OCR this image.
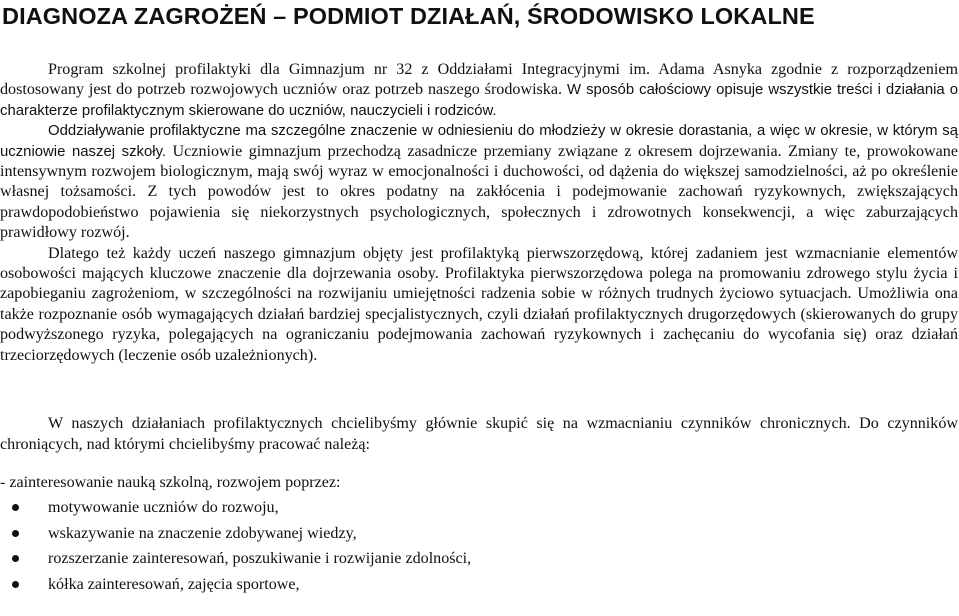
DIAGNOZA ZAGROŻEŃ – PODMIOT DZIAŁAŃ, ŚRODOWISKO LOKALNE

Program szkolnej profilaktyki dla Gimnazjum nr 32 z Oddziałami Integracyjnymi im. Adama Asnyka zgodnie z rozporządzeniem dostosowany jest do potrzeb rozwojowych uczniów oraz potrzeb naszego środowiska. W sposób całościowy opisuje wszystkie treści i działania o charakterze profilaktycznym skierowane do uczniów, nauczycieli i rodziców.

Oddziaływanie profilaktyczne ma szczególne znaczenie w odniesieniu do młodzieży w okresie dorastania, a więc w okresie, w którym są uczniowie naszej szkoły. Uczniowie gimnazjum przechodzą zasadnicze przemiany związane z okresem dojrzewania. Zmiany te, prowokowane intensywnym rozwojem biologicznym, mają swój wyraz w emocjonalności i duchowości, od dążenia do większej samodzielności, aż po określenie własnej tożsamości. Z tych powodów jest to okres podatny na zakłócenia i podejmowanie zachowań ryzykownych, zwiększających prawdopodobieństwo pojawienia się niekorzystnych psychologicznych, społecznych i zdrowotnych konsekwencji, a więc zaburzających prawidłowy rozwój.

Dlatego też każdy uczeń naszego gimnazjum objęty jest profilaktyką pierwszorzędową, której zadaniem jest wzmacnianie elementów osobowości mających kluczowe znaczenie dla dojrzewania osoby. Profilaktyka pierwszorzędowa polega na promowaniu zdrowego stylu życia i zapobieganiu zagrożeniom, w szczególności na rozwijaniu umiejętności radzenia sobie w różnych trudnych życiowo sytuacjach. Umożliwia ona także rozpoznanie osób wymagających działań bardziej specjalistycznych, czyli działań profilaktycznych drugorzędowych (skierowanych do grupy podwyższonego ryzyka, polegających na ograniczaniu podejmowania zachowań ryzykownych i zachęcaniu do wycofania się) oraz działań trzeciorzędowych (leczenie osób uzależnionych).

W naszych działaniach profilaktycznych chcielibyśmy głównie skupić się na wzmacnianiu czynników chronicznych. Do czynników chroniących, nad którymi chcielibyśmy pracować należą:

- zainteresowanie nauką szkolną, rozwojem poprzez:

motywowanie uczniów do rozwoju,
wskazywanie na znaczenie zdobywanej wiedzy,
rozszerzanie zainteresowań, poszukiwanie i rozwijanie zdolności,
kółka zainteresowań, zajęcia sportowe,
